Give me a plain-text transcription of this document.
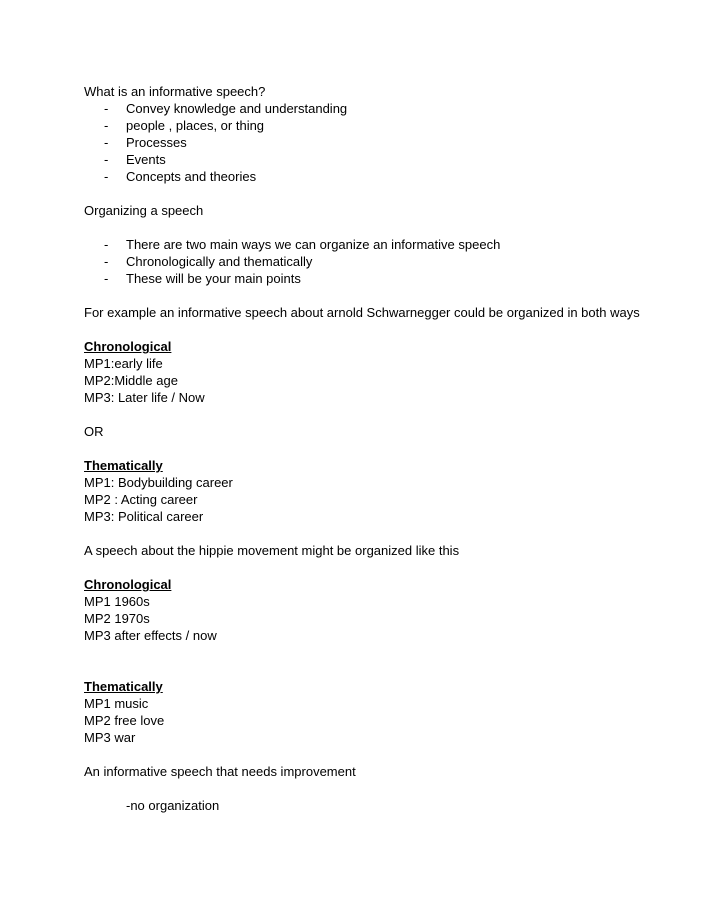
What is an informative speech?
- Convey knowledge and understanding
- people , places, or thing
- Processes
- Events
- Concepts and theories
Organizing a speech
- There are two main ways we can organize an informative speech
- Chronologically and thematically
- These will be your main points
For example an informative speech about arnold Schwarnegger could be organized in both ways
Chronological
MP1:early life
MP2:Middle age
MP3: Later life / Now
OR
Thematically
MP1: Bodybuilding career
MP2 : Acting career
MP3: Political career
A speech about the hippie movement might be organized like this
Chronological
MP1 1960s
MP2 1970s
MP3 after effects / now
Thematically
MP1 music
MP2 free love
MP3 war
An informative speech that needs improvement
-no organization
